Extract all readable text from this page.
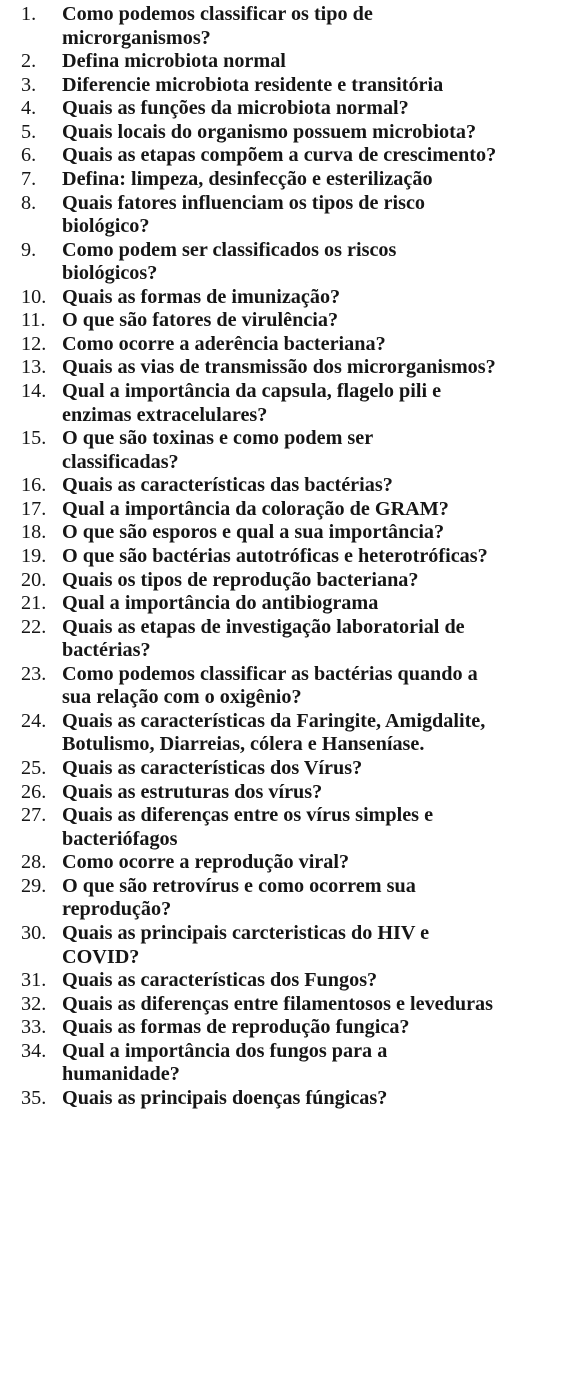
1.	Como podemos classificar os tipo de
microrganismos?
2.	Defina microbiota normal
3.	Diferencie microbiota residente e transitória
4.	Quais as funções da microbiota normal?
5.	Quais locais do organismo possuem microbiota?
6.	Quais as etapas compõem a curva de crescimento?
7.	Defina: limpeza, desinfecção e esterilização
8.	Quais fatores influenciam os tipos de risco
biológico?
9.	Como podem ser classificados os riscos
biológicos?
10. Quais as formas de imunização?
11. O que são fatores de virulência?
12. Como ocorre a aderência bacteriana?
13. Quais as vias de transmissão dos microrganismos?
14. Qual a importância da capsula, flagelo pili e
enzimas extracelulares?
15. O que são toxinas e como podem ser
classificadas?
16. Quais as características das bactérias?
17. Qual a importância da coloração de GRAM?
18. O que são esporos e qual a sua importância?
19. O que são bactérias autotróficas e heterotróficas?
20. Quais os tipos de reprodução bacteriana?
21. Qual a importância do antibiograma
22. Quais as etapas de investigação laboratorial de
bactérias?
23. Como podemos classificar as bactérias quando a
sua relação com o oxigênio?
24. Quais as características da Faringite, Amigdalite,
Botulismo, Diarreias, cólera e Hanseníase.
25. Quais as características dos Vírus?
26. Quais as estruturas dos vírus?
27. Quais as diferenças entre os vírus simples e
bacteriófagos
28. Como ocorre a reprodução viral?
29. O que são retrovírus e como ocorrem sua
reprodução?
30. Quais as principais carcteristicas do HIV e
COVID?
31. Quais as características dos Fungos?
32. Quais as diferenças entre filamentosos e leveduras
33. Quais as formas de reprodução fungica?
34. Qual a importância dos fungos para a
humanidade?
35. Quais as principais doenças fúngicas?
